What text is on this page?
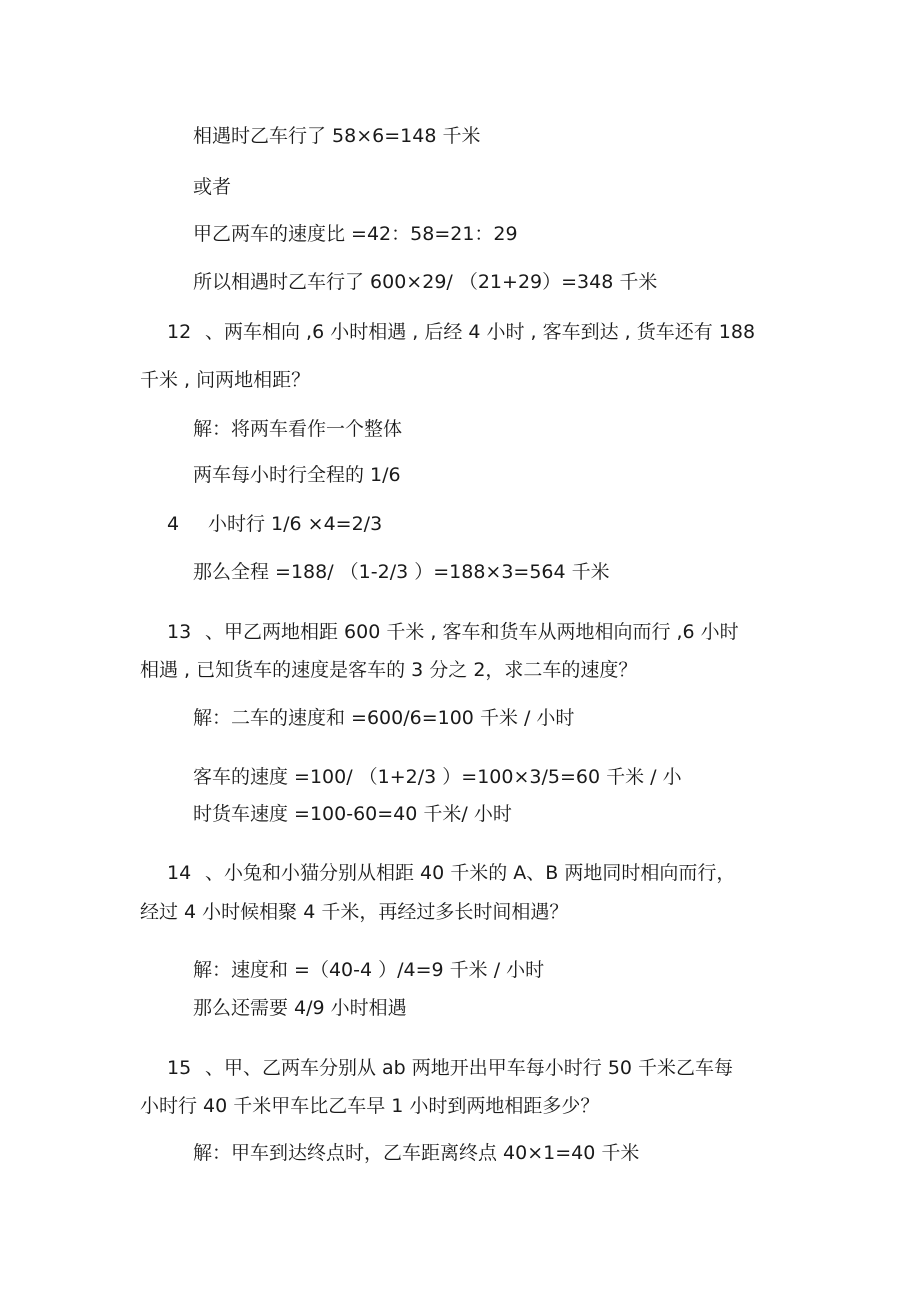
相遇时乙车行了 58×6=148 千米
或者
甲乙两车的速度比 =42：58=21：29
所以相遇时乙车行了 600×29/ （21+29）=348 千米
12 、两车相向 ,6 小时相遇 , 后经 4 小时 , 客车到达 , 货车还有 188
千米 , 问两地相距？
解：将两车看作一个整体
两车每小时行全程的 1/6
4 小时行 1/6 ×4=2/3
那么全程 =188/ （1-2/3 ）=188×3=564 千米
13 、甲乙两地相距 600 千米 , 客车和货车从两地相向而行 ,6 小时
相遇 , 已知货车的速度是客车的 3 分之 2，求二车的速度？
解：二车的速度和 =600/6=100 千米 / 小时
客车的速度 =100/ （1+2/3 ）=100×3/5=60 千米 / 小
时货车速度 =100-60=40 千米/ 小时
14 、小兔和小猫分别从相距 40 千米的 A、B 两地同时相向而行，
经过 4 小时候相聚 4 千米，再经过多长时间相遇？
解：速度和 =（40-4 ）/4=9 千米 / 小时
那么还需要 4/9 小时相遇
15 、甲、乙两车分别从 ab 两地开出甲车每小时行 50 千米乙车每
小时行 40 千米甲车比乙车早 1 小时到两地相距多少？
解：甲车到达终点时，乙车距离终点 40×1=40 千米
